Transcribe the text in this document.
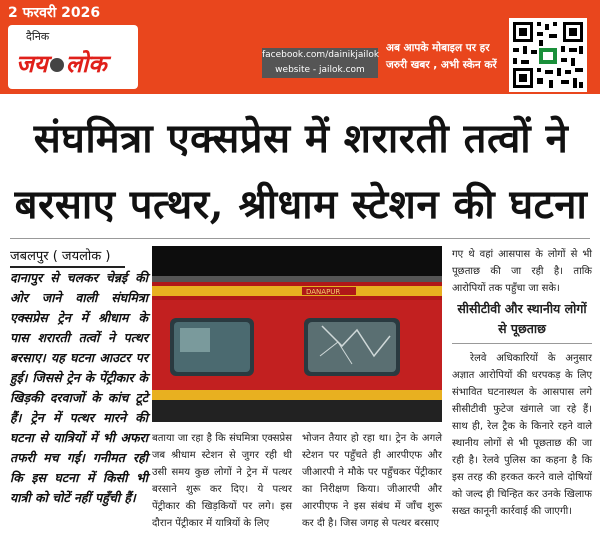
2 फरवरी 2026
दैनिक
जय लोक	facebook.com/dainikjailok
website - jailok.com
अब आपके मोबाइल पर हर
जरुरी खबर , अभी स्केन करें
संघमित्रा एक्सप्रेस में शरारती तत्वों ने
बरसाए पत्थर, श्रीधाम स्टेशन की घटना
जबलपुर ( जयलोक )
दानापुर से चलकर चेन्नई की ओर जाने वाली संघमित्रा एक्सप्रेस ट्रेन में श्रीधाम के पास शरारती तत्वों ने पत्थर बरसाए। यह घटना आउटर पर हुई। जिससे ट्रेन के पेंट्रीकार के खिड़की दरवाजों के कांच टूटे हैं। ट्रेन में पत्थर मारने की घटना से यात्रियों में भी अफरा तफरी मच गई। गनीमत रही कि इस घटना में किसी भी यात्री को चोटें नहीं पहुँची हैं।
DANAPUR
बताया जा रहा है कि संघमित्रा एक्सप्रेस जब श्रीधाम स्टेशन से जुगर रही थी उसी समय कुछ लोगों ने ट्रेन में पत्थर बरसाने शुरू कर दिए। ये पत्थर पेंट्रीकार की खिड़कियों पर लगे। इस दौरान पेंट्रीकार में यात्रियों के लिए
भोजन तैयार हो रहा था। ट्रेन के अगले स्टेशन पर पहुँचते ही आरपीएफ और जीआरपी ने मौके पर पहुँचकर पेंट्रीकार का निरीक्षण किया। जीआरपी और आरपीएफ ने इस संबंध में जाँच शुरू कर दी है। जिस जगह से पत्थर बरसाए
गए थे वहां आसपास के लोगों से भी पूछताछ की जा रही है। ताकि आरोपियों तक पहुँचा जा सके।
सीसीटीवी और स्थानीय लोगों से पूछताछ
रेलवे अधिकारियों के अनुसार अज्ञात आरोपियों की धरपकड़ के लिए संभावित घटनास्थल के आसपास लगे सीसीटीवी फुटेज खंगाले जा रहे हैं। साथ ही, रेल ट्रैक के किनारे रहने वाले स्थानीय लोगों से भी पूछताछ की जा रही है। रेलवे पुलिस का कहना है कि इस तरह की हरकत करने वाले दोषियों को जल्द ही चिन्हित कर उनके खिलाफ सख्त कानूनी कार्रवाई की जाएगी।
